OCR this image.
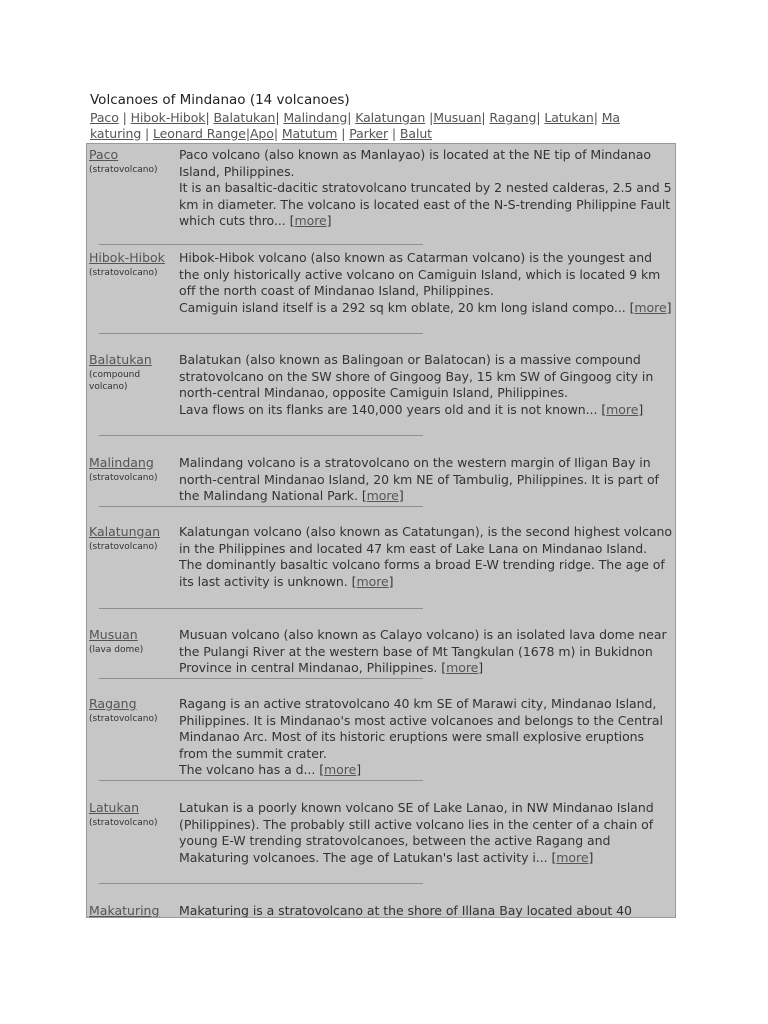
Volcanoes of Mindanao (14 volcanoes)
Paco | Hibok-Hibok| Balatukan| Malindang| Kalatungan |Musuan| Ragang| Latukan| Ma
katuring | Leonard Range|Apo| Matutum | Parker | Balut
Paco
(stratovolcano)

Paco volcano (also known as Manlayao) is located at the NE tip of Mindanao Island, Philippines.

It is an basaltic-dacitic stratovolcano truncated by 2 nested calderas, 2.5 and 5 km in diameter. The volcano is located east of the N-S-trending Philippine Fault which cuts thro... [more]

Hibok-Hibok
(stratovolcano)

Hibok-Hibok volcano (also known as Catarman volcano) is the youngest and the only historically active volcano on Camiguin Island, which is located 9 km off the north coast of Mindanao Island, Philippines.

Camiguin island itself is a 292 sq km oblate, 20 km long island compo... [more]

Balatukan
(compound volcano)

Balatukan (also known as Balingoan or Balatocan) is a massive compound stratovolcano on the SW shore of Gingoog Bay, 15 km SW of Gingoog city in north-central Mindanao, opposite Camiguin Island, Philippines.

Lava flows on its flanks are 140,000 years old and it is not known... [more]

Malindang
(stratovolcano)

Malindang volcano is a stratovolcano on the western margin of Iligan Bay in north-central Mindanao Island, 20 km NE of Tambulig, Philippines. It is part of the Malindang National Park. [more]

Kalatungan
(stratovolcano)

Kalatungan volcano (also known as Catatungan), is the second highest volcano in the Philippines and located 47 km east of Lake Lana on Mindanao Island.

The dominantly basaltic volcano forms a broad E-W trending ridge. The age of its last activity is unknown. [more]

Musuan
(lava dome)

Musuan volcano (also known as Calayo volcano) is an isolated lava dome near the Pulangi River at the western base of Mt Tangkulan (1678 m) in Bukidnon Province in central Mindanao, Philippines. [more]

Ragang
(stratovolcano)

Ragang is an active stratovolcano 40 km SE of Marawi city, Mindanao Island, Philippines. It is Mindanao's most active volcanoes and belongs to the Central Mindanao Arc. Most of its historic eruptions were small explosive eruptions from the summit crater.

The volcano has a d... [more]

Latukan
(stratovolcano)

Latukan is a poorly known volcano SE of Lake Lanao, in NW Mindanao Island (Philippines). The probably still active volcano lies in the center of a chain of young E-W trending stratovolcanoes, between the active Ragang and Makaturing volcanoes. The age of Latukan's last activity i... [more]

Makaturing Makaturing is a stratovolcano at the shore of Illana Bay located about 40
